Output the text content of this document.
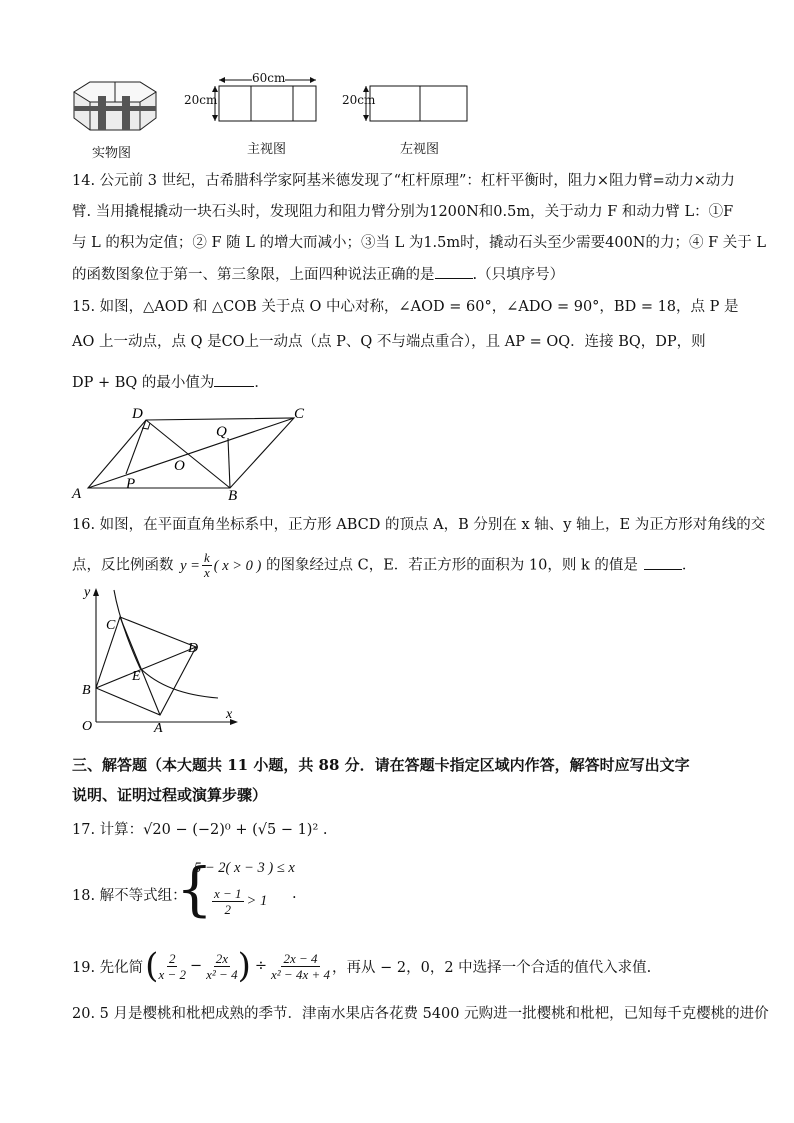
实物图
60cm
20cm
主视图
20cm
左视图
14. 公元前 3 世纪，古希腊科学家阿基米德发现了“杠杆原理”：杠杆平衡时，阻力×阻力臂=动力×动力
臂. 当用撬棍撬动一块石头时，发现阻力和阻力臂分别为1200N和0.5m，关于动力 F 和动力臂 L：①F
与 L 的积为定值；② F 随 L 的增大而减小；③当 L 为1.5m时，撬动石头至少需要400N的力；④ F 关于 L
的函数图象位于第一、第三象限，上面四种说法正确的是	.（只填序号）
15. 如图，△AOD 和 △COB 关于点 O 中心对称，∠AOD = 60°，∠ADO = 90°，BD = 18，点 P 是
AO 上一动点，点 Q 是CO上一动点（点 P、Q 不与端点重合），且 AP = OQ．连接 BQ，DP，则
DP + BQ 的最小值为	．
D	C
Q
O
P
A	B
16. 如图，在平面直角坐标系中，正方形 ABCD 的顶点 A，B 分别在 x 轴、y 轴上，E 为正方形对角线的交
点，反比例函数 $y = \frac{k}{x}$ ( x > 0 ) 的图象经过点 C，E．若正方形的面积为 10，则 k 的值是	．
y
x
O	A
B
C
D
E
三、解答题（本大题共 11 小题，共 88 分．请在答题卡指定区域内作答，解答时应写出文字
说明、证明过程或演算步骤）
17. 计算：√20 − (−2)⁰ + (√5 − 1)² .
18. 解不等式组：
{
5 − 2( x − 3 ) ≤ x
$\frac{x - 1}{2} > 1$ .
19. 先化简 ( $\frac{2}{x - 2} - \frac{2x}{\text{x² − 4}}$ ) ÷ $\frac{2x - 4}{\text{x² − 4x + 4}}$ ，再从 − 2，0，2 中选择一个合适的值代入求值.
20. 5 月是樱桃和枇杷成熟的季节．津南水果店各花费 5400 元购进一批樱桃和枇杷，已知每千克樱桃的进价
